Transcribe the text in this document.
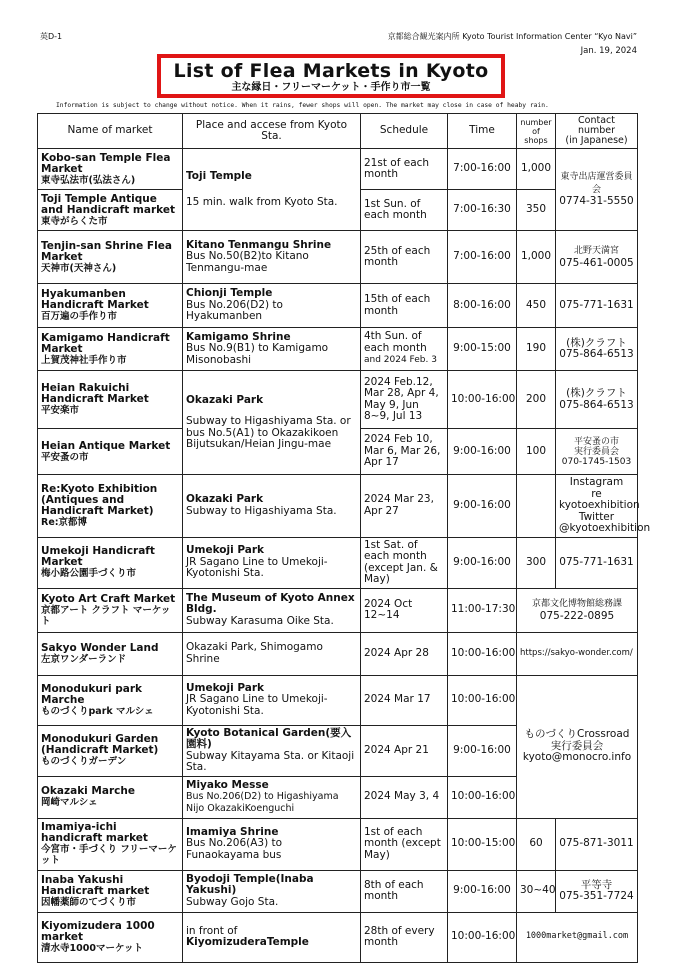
英D-1	京都総合観光案内所 Kyoto Tourist Information Center “Kyo Navi”
Jan. 19, 2024
List of Flea Markets in Kyoto
主な縁日・フリーマーケット・手作り市一覧
Information is subject to change without notice. When it rains, fewer shops will open. The market may close in case of heaby rain.
Name of market	Place and accese from Kyoto Sta.	Schedule	Time	number
of shops	Contact number
(in Japanese)

Kobo-san Temple Flea Market
東寺弘法市(弘法さん)	Toji Temple
15 min. walk from Kyoto Sta.	21st of each month	7:00-16:00	1,000	東寺出店運営委員会
0774-31-5550

Toji Temple Antique and Handicraft market
東寺がらくた市		1st Sun. of each month	7:00-16:30	350	

Tenjin-san Shrine Flea Market
天神市(天神さん)	Kitano Tenmangu Shrine
Bus No.50(B2)to Kitano Tenmangu-mae	25th of each month	7:00-16:00	1,000	北野天満宮
075-461-0005

Hyakumanben Handicraft Market
百万遍の手作り市	Chionji Temple
Bus No.206(D2) to Hyakumanben	15th of each month	8:00-16:00	450	075-771-1631

Kamigamo Handicraft Market
上賀茂神社手作り市	Kamigamo Shrine
Bus No.9(B1) to Kamigamo Misonobashi	4th Sun. of each month
and 2024 Feb. 3	9:00-15:00	190	(株)クラフト
075-864-6513

Heian Rakuichi Handicraft Market
平安楽市	Okazaki Park
Subway to Higashiyama Sta. or bus No.5(A1) to Okazakikoen Bijutsukan/Heian Jingu-mae	2024 Feb.12, Mar 28, Apr 4, May 9, Jun 8~9, Jul 13	10:00-16:00	200	(株)クラフト
075-864-6513

Heian Antique Market
平安蚤の市		2024 Feb 10, Mar 6, Mar 26, Apr 17	9:00-16:00	100	平安蚤の市
実行委員会
070-1745-1503

Re:Kyoto Exhibition (Antiques and Handicraft Market)
Re:京都博	Okazaki Park
Subway to Higashiyama Sta.	2024 Mar 23, Apr 27	9:00-16:00		Instagram
re kyotoexhibition
Twitter
@kyotoexhibition

Umekoji Handicraft Market
梅小路公園手づくり市	Umekoji Park
JR Sagano Line to Umekoji-Kyotonishi Sta.	1st Sat. of each month (except Jan. & May)	9:00-16:00	300	075-771-1631

Kyoto Art Craft Market
京都アート クラフト マーケット	The Museum of Kyoto Annex Bldg.
Subway Karasuma Oike Sta.	2024 Oct 12~14	11:00-17:30	京都文化博物館総務課
075-222-0895	

Sakyo Wonder Land
左京ワンダーランド	Okazaki Park, Shimogamo Shrine	2024 Apr 28	10:00-16:00	https://sakyo-wonder.com/	

Monodukuri park Marche
ものづくりpark マルシェ	Umekoji Park
JR Sagano Line to Umekoji-Kyotonishi Sta.	2024 Mar 17	10:00-16:00	ものづくりCrossroad
実行委員会
kyoto@monocro.info	

Monodukuri Garden (Handicraft Market)
ものづくりガーデン	Kyoto Botanical Garden(要入園料)
Subway Kitayama Sta. or Kitaoji Sta.	2024 Apr 21	9:00-16:00		

Okazaki Marche
岡崎マルシェ	Miyako Messe
Bus No.206(D2) to Higashiyama Nijo OkazakiKoenguchi	2024 May 3, 4	10:00-16:00		

Imamiya-ichi handicraft market
今宮市・手づくり フリーマーケット	Imamiya Shrine
Bus No.206(A3) to Funaokayama bus	1st of each month (except May)	10:00-15:00	60	075-871-3011

Inaba Yakushi Handicraft market
因幡薬師のてづくり市	Byodoji Temple(Inaba Yakushi)
Subway Gojo Sta.	8th of each month	9:00-16:00	30~40	平等寺
075-351-7724

Kiyomizudera 1000 market
清水寺1000マーケット	in front of
KiyomizuderaTemple	28th of every month	10:00-16:00	1000market@gmail.com	
